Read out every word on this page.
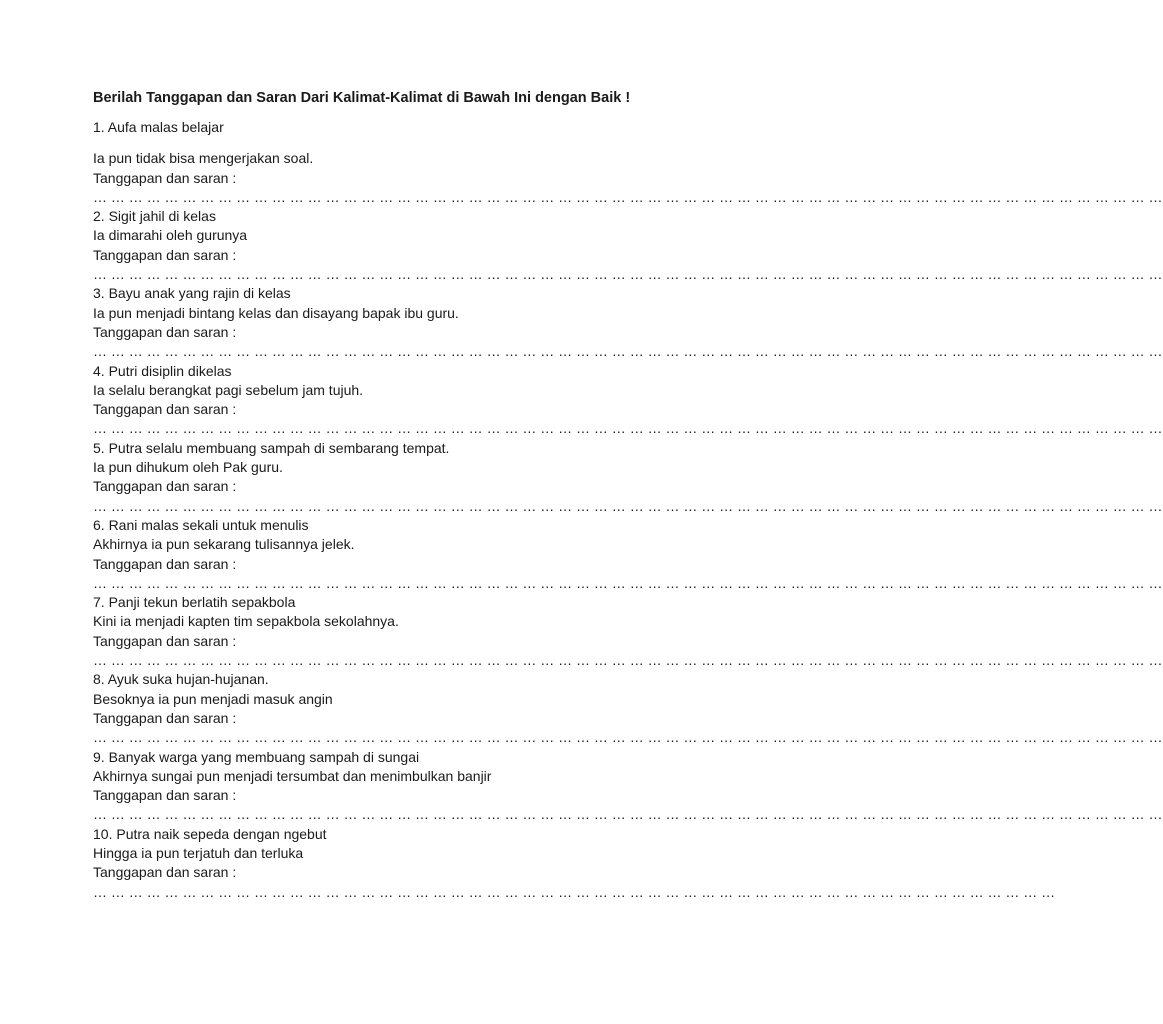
Berilah Tanggapan dan Saran Dari Kalimat-Kalimat di Bawah Ini dengan Baik !
1. Aufa malas belajar
Ia pun tidak bisa mengerjakan soal.
Tanggapan dan saran :
… … … … … … … … … … … … … … … … … … … … … … … … … … … … … … … … … … … … … … … … … … … … … … … … … … … … … … … … … … … …
2. Sigit jahil di kelas
Ia dimarahi oleh gurunya
Tanggapan dan saran :
… … … … … … … … … … … … … … … … … … … … … … … … … … … … … … … … … … … … … … … … … … … … … … … … … … … … … … … … … … … …
3. Bayu anak yang rajin di kelas
Ia pun menjadi bintang kelas dan disayang bapak ibu guru.
Tanggapan dan saran :
… … … … … … … … … … … … … … … … … … … … … … … … … … … … … … … … … … … … … … … … … … … … … … … … … … … … … … … … … … … …
4. Putri disiplin dikelas
Ia selalu berangkat pagi sebelum jam tujuh.
Tanggapan dan saran :
… … … … … … … … … … … … … … … … … … … … … … … … … … … … … … … … … … … … … … … … … … … … … … … … … … … … … … … … … … … …
5. Putra selalu membuang sampah di sembarang tempat.
Ia pun dihukum oleh Pak guru.
Tanggapan dan saran :
… … … … … … … … … … … … … … … … … … … … … … … … … … … … … … … … … … … … … … … … … … … … … … … … … … … … … … … … … … … …
6. Rani malas sekali untuk menulis
Akhirnya ia pun sekarang tulisannya jelek.
Tanggapan dan saran :
… … … … … … … … … … … … … … … … … … … … … … … … … … … … … … … … … … … … … … … … … … … … … … … … … … … … … … … … … … … …
7. Panji tekun berlatih sepakbola
Kini ia menjadi kapten tim sepakbola sekolahnya.
Tanggapan dan saran :
… … … … … … … … … … … … … … … … … … … … … … … … … … … … … … … … … … … … … … … … … … … … … … … … … … … … … … … … … … … …
8. Ayuk suka hujan-hujanan.
Besoknya ia pun menjadi masuk angin
Tanggapan dan saran :
… … … … … … … … … … … … … … … … … … … … … … … … … … … … … … … … … … … … … … … … … … … … … … … … … … … … … … … … … … … …
9. Banyak warga yang membuang sampah di sungai
Akhirnya sungai pun menjadi tersumbat dan menimbulkan banjir
Tanggapan dan saran :
… … … … … … … … … … … … … … … … … … … … … … … … … … … … … … … … … … … … … … … … … … … … … … … … … … … … … … … … … … … …
10. Putra naik sepeda dengan ngebut
Hingga ia pun terjatuh dan terluka
Tanggapan dan saran :
… … … … … … … … … … … … … … … … … … … … … … … … … … … … … … … … … … … … … … … … … … … … … … … … … … … … … …
